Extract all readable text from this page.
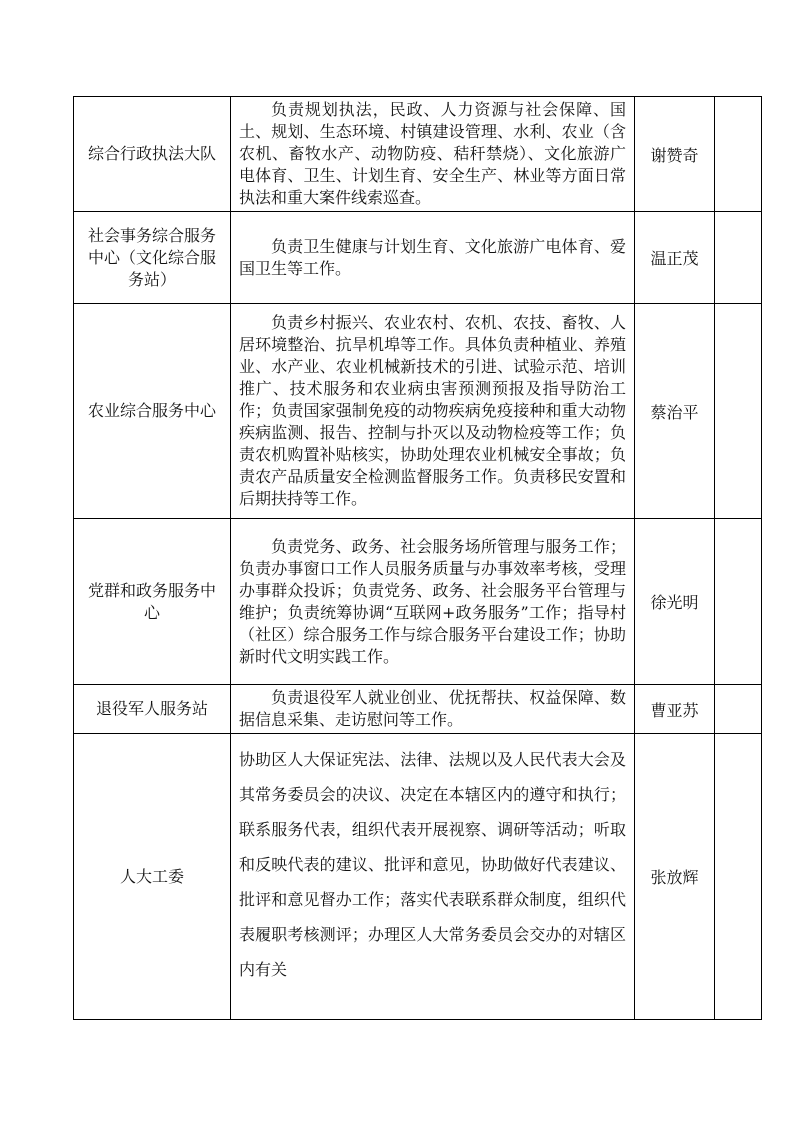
综合行政执法大队	负责规划执法，民政、人力资源与社会保障、国土、规划、生态环境、村镇建设管理、水利、农业（含农机、畜牧水产、动物防疫、秸秆禁烧）、文化旅游广电体育、卫生、计划生育、安全生产、林业等方面日常执法和重大案件线索巡查。	谢赞奇	
社会事务综合服务中心（文化综合服务站）	负责卫生健康与计划生育、文化旅游广电体育、爱国卫生等工作。	温正茂	
农业综合服务中心	负责乡村振兴、农业农村、农机、农技、畜牧、人居环境整治、抗旱机埠等工作。具体负责种植业、养殖业、水产业、农业机械新技术的引进、试验示范、培训推广、技术服务和农业病虫害预测预报及指导防治工作；负责国家强制免疫的动物疾病免疫接种和重大动物疾病监测、报告、控制与扑灭以及动物检疫等工作；负责农机购置补贴核实，协助处理农业机械安全事故；负责农产品质量安全检测监督服务工作。负责移民安置和后期扶持等工作。	蔡治平	
党群和政务服务中心	负责党务、政务、社会服务场所管理与服务工作；负责办事窗口工作人员服务质量与办事效率考核，受理办事群众投诉；负责党务、政务、社会服务平台管理与维护；负责统筹协调“互联网+政务服务”工作；指导村（社区）综合服务工作与综合服务平台建设工作；协助新时代文明实践工作。	徐光明	
退役军人服务站	负责退役军人就业创业、优抚帮扶、权益保障、数据信息采集、走访慰问等工作。	曹亚苏	
人大工委	协助区人大保证宪法、法律、法规以及人民代表大会及其常务委员会的决议、决定在本辖区内的遵守和执行；联系服务代表，组织代表开展视察、调研等活动；听取和反映代表的建议、批评和意见，协助做好代表建议、批评和意见督办工作；落实代表联系群众制度，组织代表履职考核测评；办理区人大常务委员会交办的对辖区内有关	张放辉	
